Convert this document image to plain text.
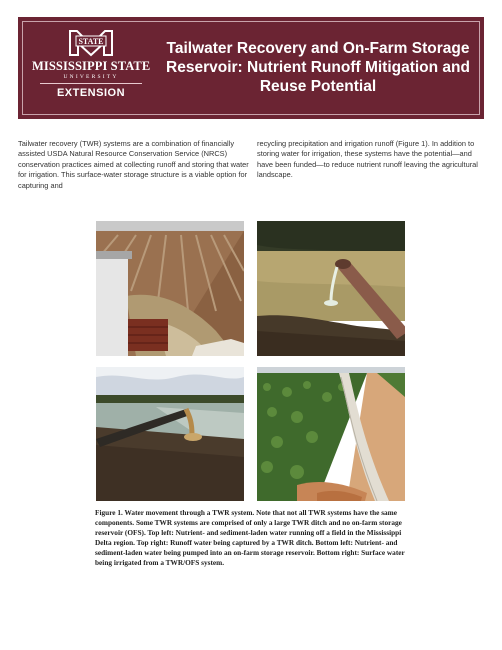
STATE
MISSISSIPPI STATE
UNIVERSITY
EXTENSION
Tailwater Recovery and On-Farm Storage Reservoir: Nutrient Runoff Mitigation and Reuse Potential

Tailwater recovery (TWR) systems are a combination of financially assisted USDA Natural Resource Conservation Service (NRCS) conservation practices aimed at collecting runoff and storing that water for irrigation. This surface-water storage structure is a viable option for capturing and

recycling precipitation and irrigation runoff (Figure 1). In addition to storing water for irrigation, these systems have the potential—and have been funded—to reduce nutrient runoff leaving the agricultural landscape.

Figure 1. Water movement through a TWR system. Note that not all TWR systems have the same components. Some TWR systems are comprised of only a large TWR ditch and no on-farm storage reservoir (OFS). Top left: Nutrient- and sediment-laden water running off a field in the Mississippi Delta region. Top right: Runoff water being captured by a TWR ditch. Bottom left: Nutrient- and sediment-laden water being pumped into an on-farm storage reservoir. Bottom right: Surface water being irrigated from a TWR/OFS system.
